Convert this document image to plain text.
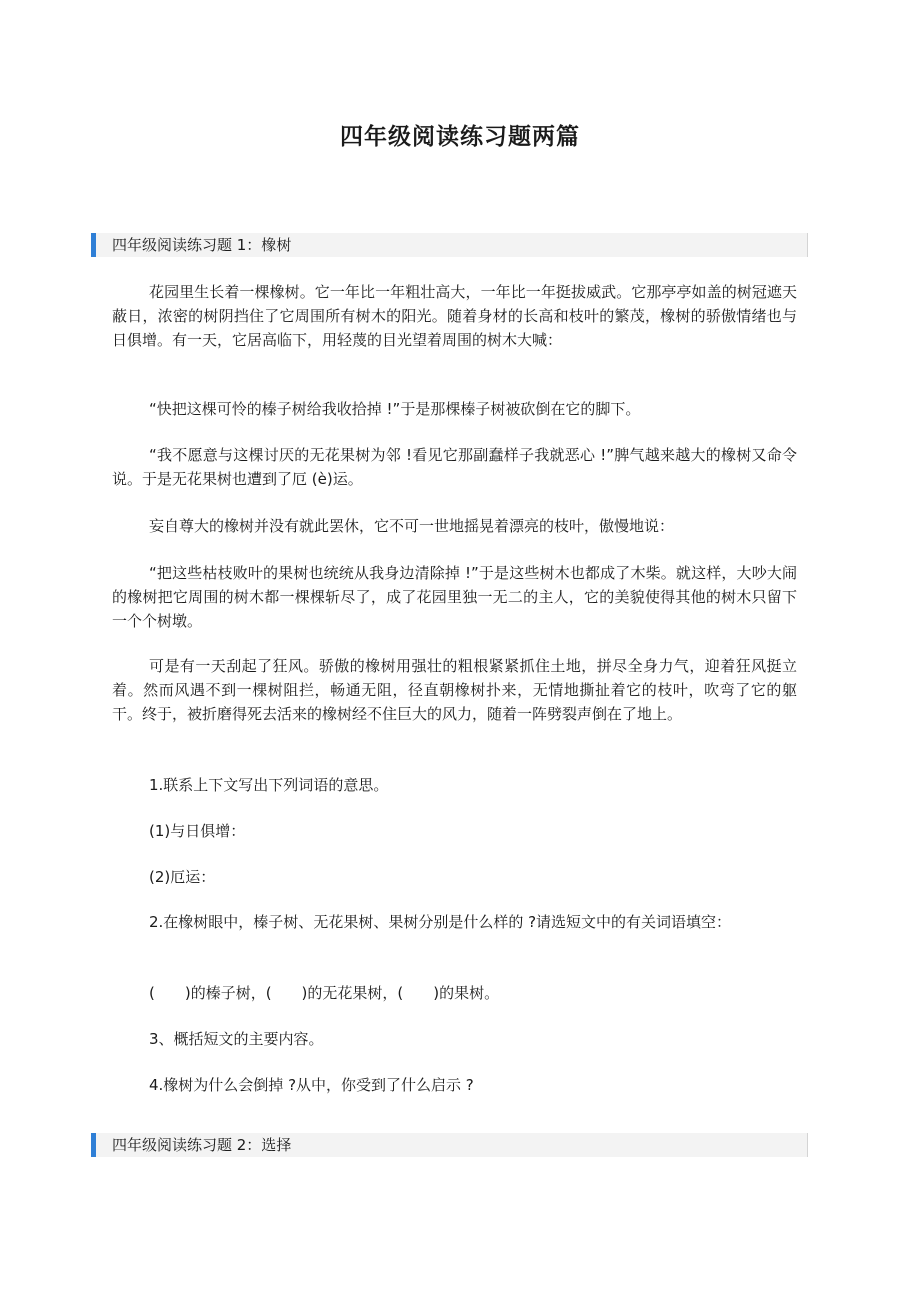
四年级阅读练习题两篇
四年级阅读练习题 1：橡树

花园里生长着一棵橡树。它一年比一年粗壮高大，一年比一年挺拔威武。它那亭亭如盖的树冠遮天蔽日，浓密的树阴挡住了它周围所有树木的阳光。随着身材的长高和枝叶的繁茂，橡树的骄傲情绪也与日俱增。有一天，它居高临下，用轻蔑的目光望着周围的树木大喊：

“快把这棵可怜的榛子树给我收拾掉 !”于是那棵榛子树被砍倒在它的脚下。

“我不愿意与这棵讨厌的无花果树为邻 !看见它那副蠢样子我就恶心 !”脾气越来越大的橡树又命令说。于是无花果树也遭到了厄 (è)运。

妄自尊大的橡树并没有就此罢休，它不可一世地摇晃着漂亮的枝叶，傲慢地说：

“把这些枯枝败叶的果树也统统从我身边清除掉 !”于是这些树木也都成了木柴。就这样，大吵大闹的橡树把它周围的树木都一棵棵斩尽了，成了花园里独一无二的主人，它的美貌使得其他的树木只留下一个个树墩。

可是有一天刮起了狂风。骄傲的橡树用强壮的粗根紧紧抓住土地，拼尽全身力气，迎着狂风挺立着。然而风遇不到一棵树阻拦，畅通无阻，径直朝橡树扑来，无情地撕扯着它的枝叶，吹弯了它的躯干。终于，被折磨得死去活来的橡树经不住巨大的风力，随着一阵劈裂声倒在了地上。

1.联系上下文写出下列词语的意思。

(1)与日俱增：

(2)厄运：

2.在橡树眼中，榛子树、无花果树、果树分别是什么样的 ?请选短文中的有关词语填空：

(　　)的榛子树，(　　)的无花果树，(　　)的果树。

3、概括短文的主要内容。

4.橡树为什么会倒掉 ?从中，你受到了什么启示 ?

四年级阅读练习题 2：选择
